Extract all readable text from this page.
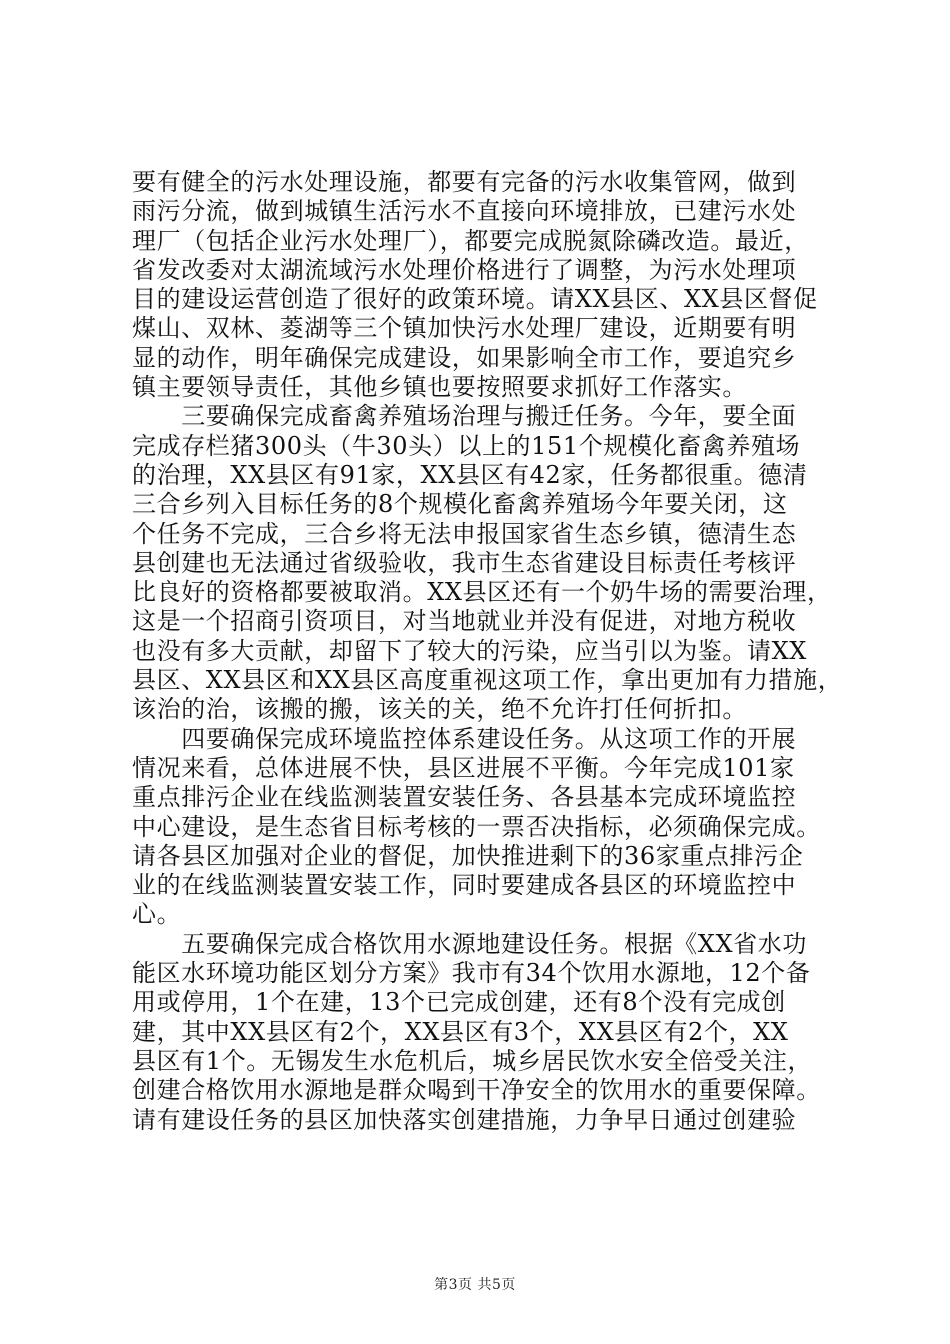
要有健全的污水处理设施，都要有完备的污水收集管网，做到
雨污分流，做到城镇生活污水不直接向环境排放，已建污水处
理厂（包括企业污水处理厂），都要完成脱氮除磷改造。最近，
省发改委对太湖流域污水处理价格进行了调整，为污水处理项
目的建设运营创造了很好的政策环境。请XX县区、XX县区督促
煤山、双林、菱湖等三个镇加快污水处理厂建设，近期要有明
显的动作，明年确保完成建设，如果影响全市工作，要追究乡
镇主要领导责任，其他乡镇也要按照要求抓好工作落实。
　　三要确保完成畜禽养殖场治理与搬迁任务。今年，要全面
完成存栏猪300头（牛30头）以上的151个规模化畜禽养殖场
的治理，XX县区有91家，XX县区有42家，任务都很重。德清
三合乡列入目标任务的8个规模化畜禽养殖场今年要关闭，这
个任务不完成，三合乡将无法申报国家省生态乡镇，德清生态
县创建也无法通过省级验收，我市生态省建设目标责任考核评
比良好的资格都要被取消。XX县区还有一个奶牛场的需要治理，
这是一个招商引资项目，对当地就业并没有促进，对地方税收
也没有多大贡献，却留下了较大的污染，应当引以为鉴。请XX
县区、XX县区和XX县区高度重视这项工作，拿出更加有力措施，
该治的治，该搬的搬，该关的关，绝不允许打任何折扣。
　　四要确保完成环境监控体系建设任务。从这项工作的开展
情况来看，总体进展不快，县区进展不平衡。今年完成101家
重点排污企业在线监测装置安装任务、各县基本完成环境监控
中心建设，是生态省目标考核的一票否决指标，必须确保完成。
请各县区加强对企业的督促，加快推进剩下的36家重点排污企
业的在线监测装置安装工作，同时要建成各县区的环境监控中
心。
　　五要确保完成合格饮用水源地建设任务。根据《XX省水功
能区水环境功能区划分方案》我市有34个饮用水源地，12个备
用或停用，1个在建，13个已完成创建，还有8个没有完成创
建，其中XX县区有2个，XX县区有3个，XX县区有2个，XX
县区有1个。无锡发生水危机后，城乡居民饮水安全倍受关注，
创建合格饮用水源地是群众喝到干净安全的饮用水的重要保障。
请有建设任务的县区加快落实创建措施，力争早日通过创建验
第3页 共5页
